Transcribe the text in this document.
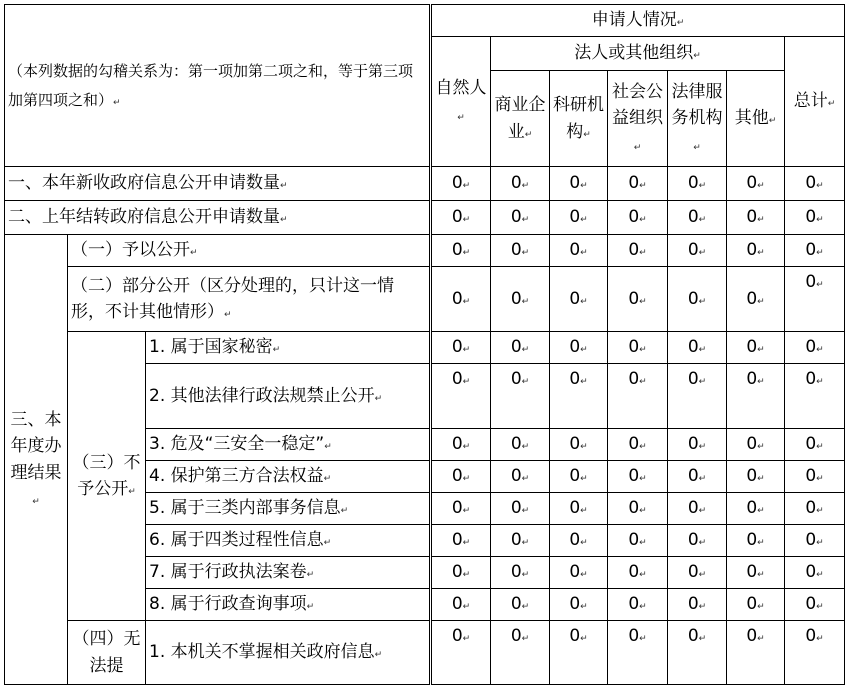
（本列数据的勾稽关系为：第一项加第二项之和，等于第三项加第四项之和）↵			申请人情况↵						
			自然人↵	法人或其他组织↵					总计↵
				商业企业↵	科研机构↵	社会公益组织↵	法律服务机构↵	其他↵	
一、本年新收政府信息公开申请数量↵			0↵	0↵	0↵	0↵	0↵	0↵	0↵
二、上年结转政府信息公开申请数量↵			0↵	0↵	0↵	0↵	0↵	0↵	0↵
三、本年度办理结果↵	（一）予以公开↵		0↵	0↵	0↵	0↵	0↵	0↵	0↵
	（二）部分公开（区分处理的，只计这一情形，不计其他情形）↵		0↵	0↵	0↵	0↵	0↵	0↵	0↵
	（三）不予公开↵	1. 属于国家秘密↵	0↵	0↵	0↵	0↵	0↵	0↵	0↵
		2. 其他法律行政法规禁止公开↵	0↵	0↵	0↵	0↵	0↵	0↵	0↵
		3. 危及“三安全一稳定”↵	0↵	0↵	0↵	0↵	0↵	0↵	0↵
		4. 保护第三方合法权益↵	0↵	0↵	0↵	0↵	0↵	0↵	0↵
		5. 属于三类内部事务信息↵	0↵	0↵	0↵	0↵	0↵	0↵	0↵
		6. 属于四类过程性信息↵	0↵	0↵	0↵	0↵	0↵	0↵	0↵
		7. 属于行政执法案卷↵	0↵	0↵	0↵	0↵	0↵	0↵	0↵
		8. 属于行政查询事项↵	0↵	0↵	0↵	0↵	0↵	0↵	0↵
	（四）无法提	1. 本机关不掌握相关政府信息↵	0↵	0↵	0↵	0↵	0↵	0↵	0↵
